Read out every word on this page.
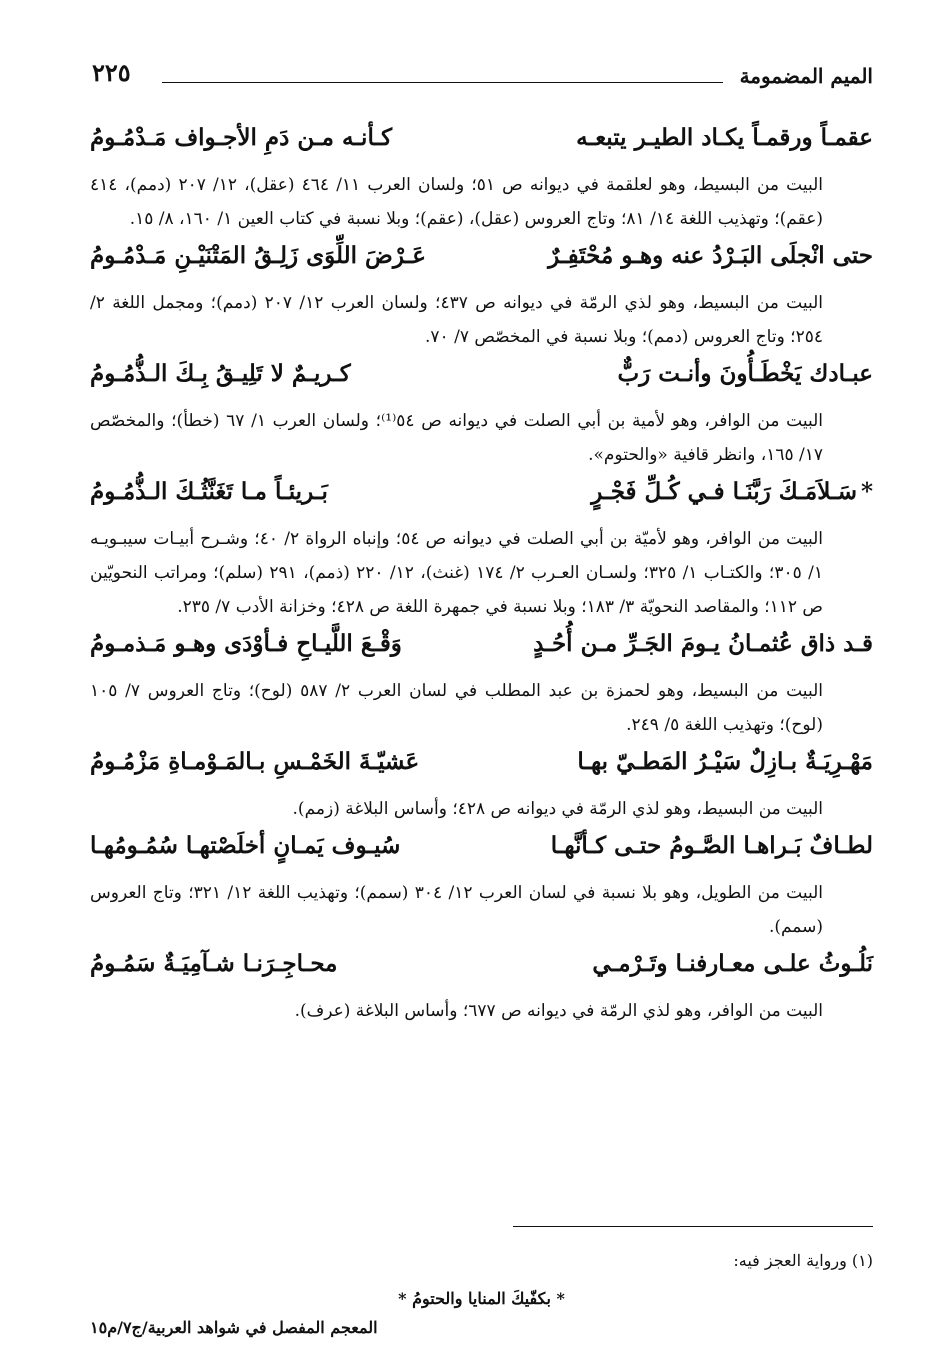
الميم المضمومة
٢٢٥
عقمـاً ورقمـاً يكـاد الطيـر يتبعـه
كـأنـه مـن دَمِ الأجـواف مَـدْمُـومُ

البيت من البسيط، وهو لعلقمة في ديوانه ص ٥١؛ ولسان العرب ١١/ ٤٦٤ (عقل)، ١٢/ ٢٠٧ (دمم)، ٤١٤ (عقم)؛ وتهذيب اللغة ١٤/ ٨١؛ وتاج العروس (عقل)، (عقم)؛ وبلا نسبة في كتاب العين ١/ ١٦٠، ٨/ ١٥.

حتى انْجلَى البَـرْدُ عنه وهـو مُحْتَفِـرٌ
عَـرْضَ اللِّوَى زَلِـقُ المَتْنَيْـنِ مَـدْمُـومُ

البيت من البسيط، وهو لذي الرمّة في ديوانه ص ٤٣٧؛ ولسان العرب ١٢/ ٢٠٧ (دمم)؛ ومجمل اللغة ٢/ ٢٥٤؛ وتاج العروس (دمم)؛ وبلا نسبة في المخصّص ٧/ ٧٠.

عبـادك يَخْطَـأُونَ وأنـت رَبٌّ
كـريـمٌ لا تَلِيـقُ بِـكَ الـذُّمُـومُ

البيت من الوافر، وهو لأمية بن أبي الصلت في ديوانه ص ٥٤⁽¹⁾؛ ولسان العرب ١/ ٦٧ (خطأ)؛ والمخصّص ١٧/ ١٦٥، وانظر قافية «والحتوم».

*سَـلاَمَـكَ رَبَّنَـا فـي كُـلِّ فَجْـرٍ
بَـريئـاً مـا تَغَنَّثُـكَ الـذُّمُـومُ

البيت من الوافر، وهو لأميّة بن أبي الصلت في ديوانه ص ٥٤؛ وإنباه الرواة ٢/ ٤٠؛ وشـرح أبيـات سيبـويـه ١/ ٣٠٥؛ والكتـاب ١/ ٣٢٥؛ ولسـان العـرب ٢/ ١٧٤ (غنث)، ١٢/ ٢٢٠ (ذمم)، ٢٩١ (سلم)؛ ومراتب النحويّين ص ١١٢؛ والمقاصد النحويّة ٣/ ١٨٣؛ وبلا نسبة في جمهرة اللغة ص ٤٢٨؛ وخزانة الأدب ٧/ ٢٣٥.

قـد ذاق عُثمـانُ يـومَ الجَـرِّ مـن أُحُـدٍ
وَقْـعَ اللَّيـاحِ فـأوْدَى وهـو مَـذمـومُ

البيت من البسيط، وهو لحمزة بن عبد المطلب في لسان العرب ٢/ ٥٨٧ (لوح)؛ وتاج العروس ٧/ ١٠٥ (لوح)؛ وتهذيب اللغة ٥/ ٢٤٩.

مَهْـرِيَـةٌ بـازِلٌ سَيْـرُ المَطـيّ بهـا
عَشيّـةَ الخَمْـسِ بـالمَـوْمـاةِ مَزْمُـومُ

البيت من البسيط، وهو لذي الرمّة في ديوانه ص ٤٢٨؛ وأساس البلاغة (زمم).

لطـافٌ بَـراهـا الصَّـومُ حتـى كـأنَّهـا
سُيـوف يَمـانٍ أخلَصْتهـا سُمُـومُهـا

البيت من الطويل، وهو بلا نسبة في لسان العرب ١٢/ ٣٠٤ (سمم)؛ وتهذيب اللغة ١٢/ ٣٢١؛ وتاج العروس (سمم).

نَلُـوثُ علـى معـارفنـا وتَـرْمـي
محـاجِـرَنـا شـآمِيَـةٌ سَمُـومُ

البيت من الوافر، وهو لذي الرمّة في ديوانه ص ٦٧٧؛ وأساس البلاغة (عرف).

(١) ورواية العجز فيه:
* بكفّيكَ المنايا والحتومُ *
المعجم المفصل في شواهد العربية/ج٧/م١٥
